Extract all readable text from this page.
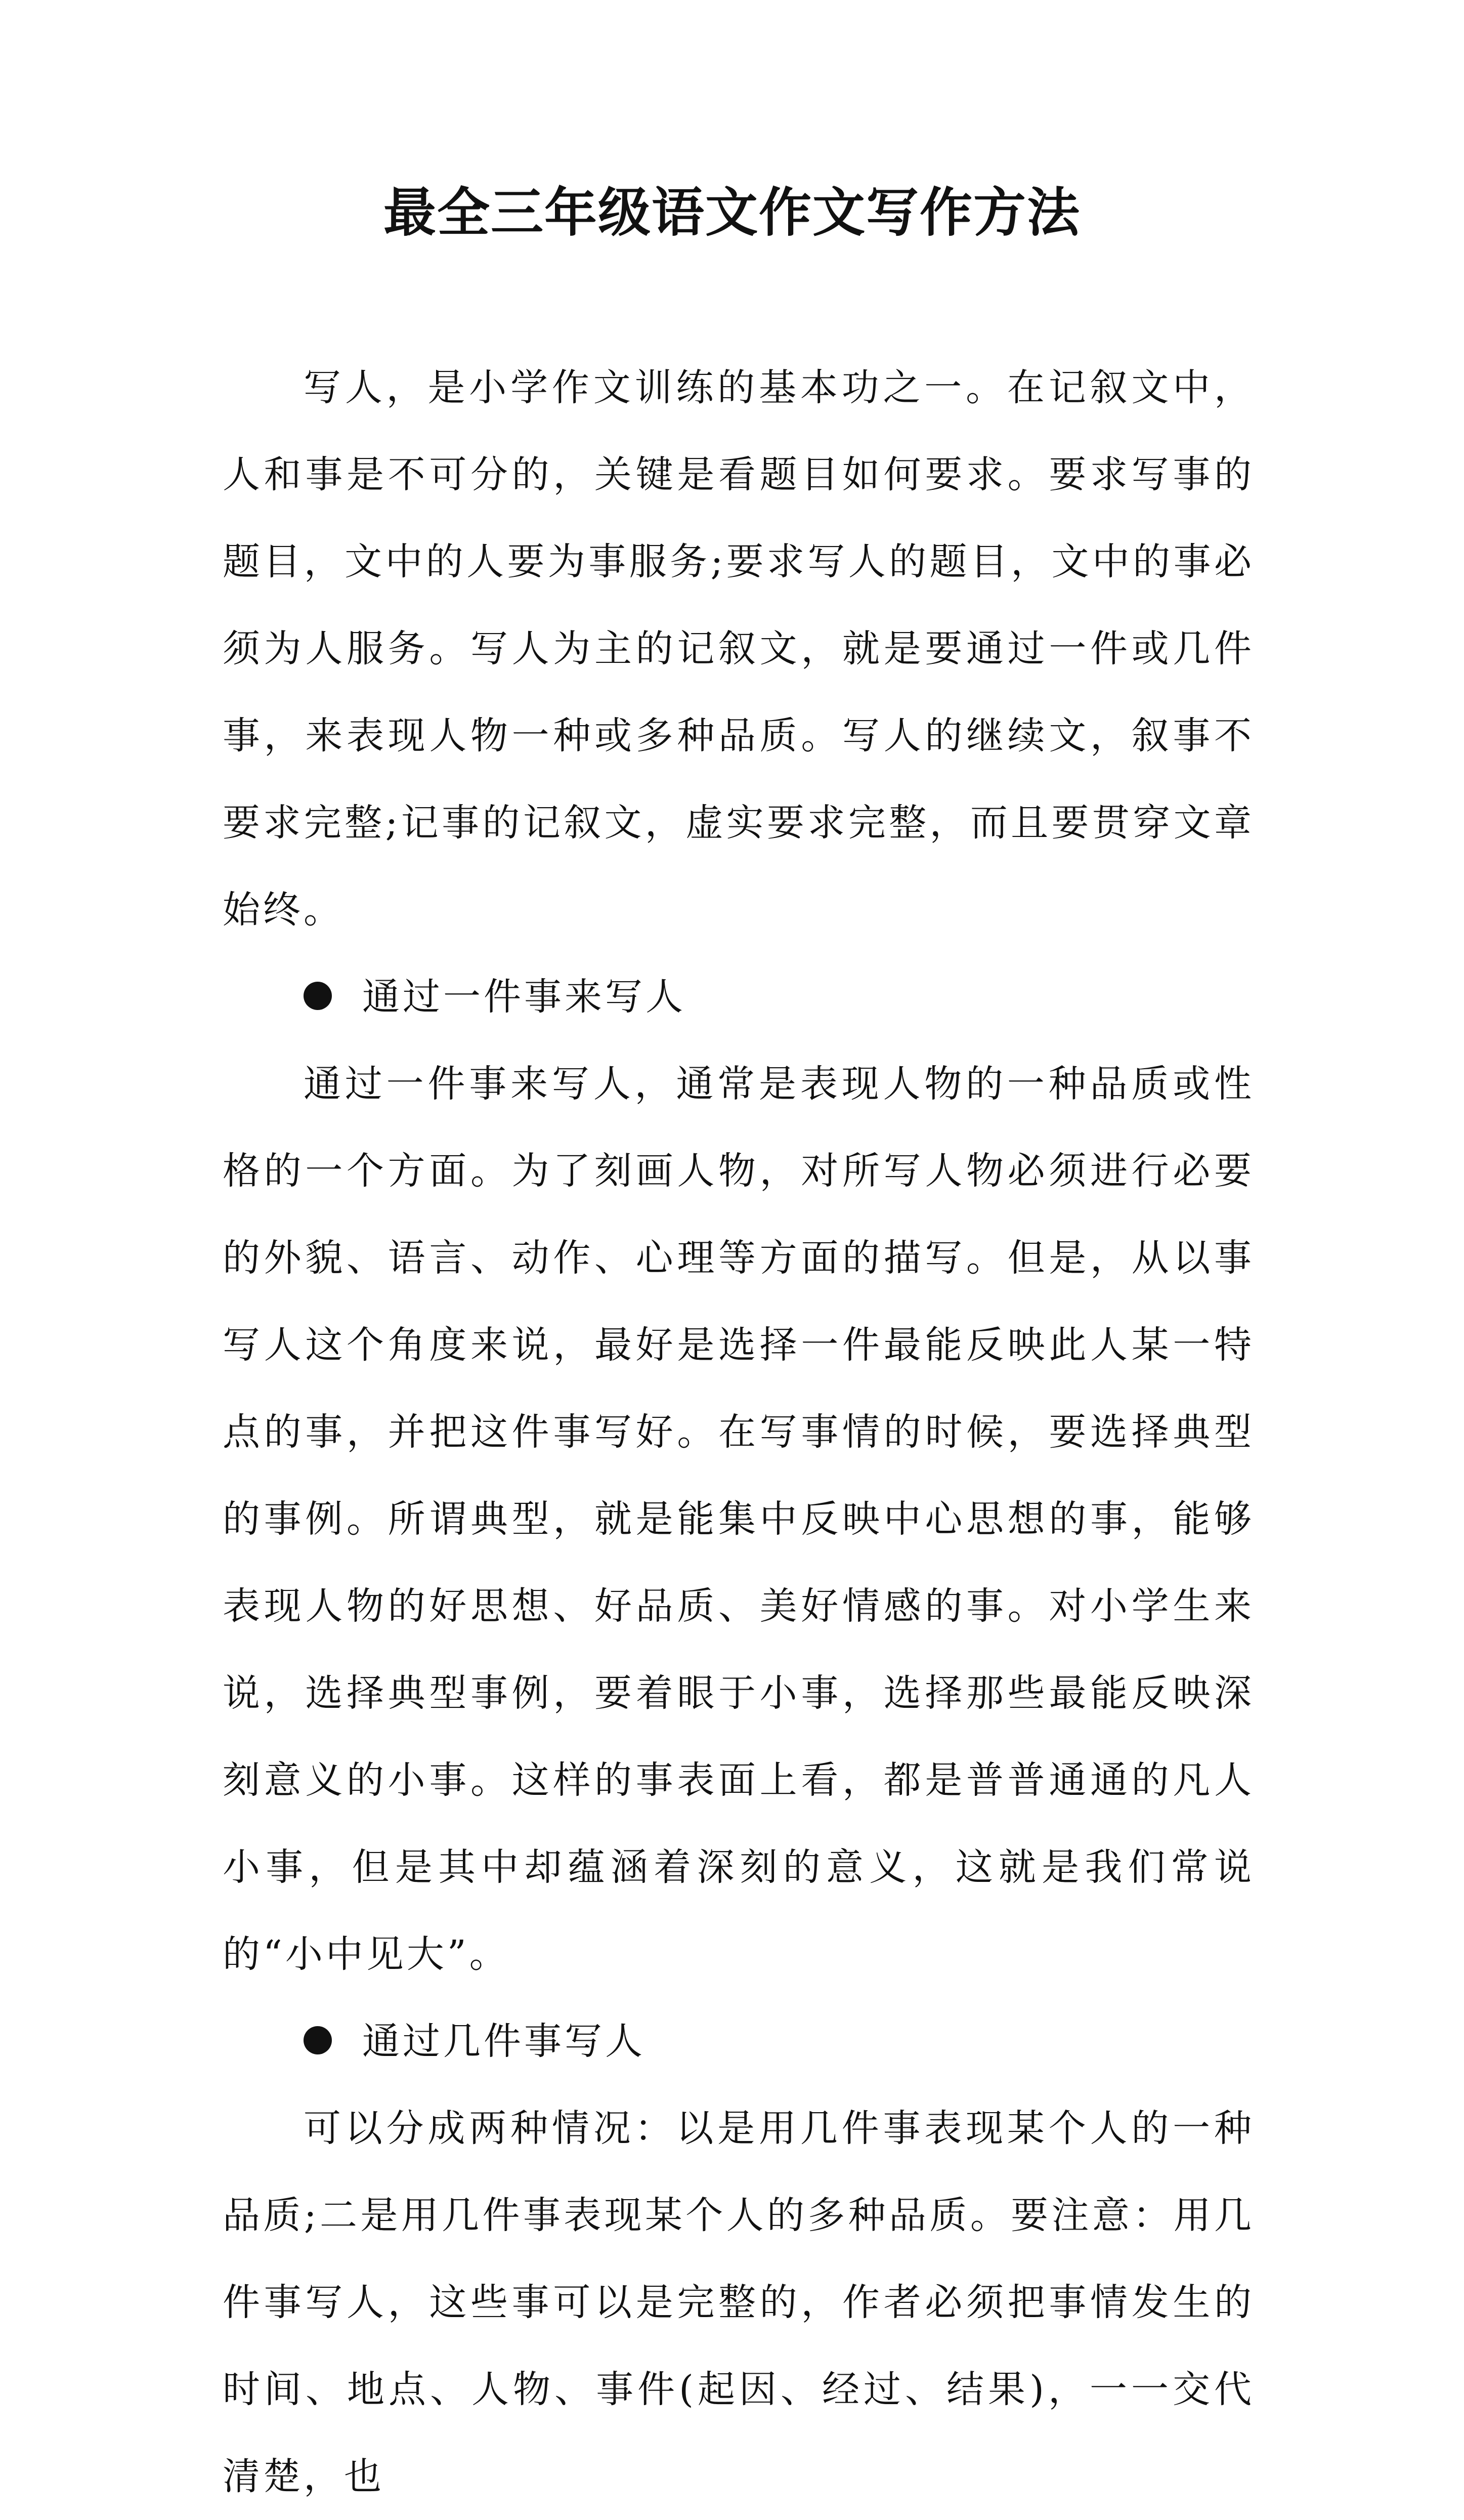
最全三年级语文作文写作方法

写人，是小学作文训练的基本功之一。在记叙文中，人和事是不可分的，关键是看题目如何要求。要求写事的题目，文中的人要为事服务;要求写人的题目，文中的事必须为人服务。写人为主的记叙文，就是要通过一件或几件事，来表现人物一种或多种品质。写人的继续文，叙事不要求完整;记事的记叙文，虚实要求完整，而且要贯穿文章始终。

通过一件事来写人

通过一件事来写人，通常是表现人物的一种品质或性格的一个方面。为了刻画人物，对所写人物必须进行必要的外貌、语言、动作、心理等方面的描写。但是，从以事写人这个角度来说，最好是选择一件最能反映此人某一特点的事，并把这件事写好。在写事情的时候，要选择典型的事例。所谓典型，就是能集中反映中心思想的事，能够表现人物的好思想、好品质、美好情感的事。对小学生来说，选择典型事例，要着眼于小事，选择那些最能反映深刻意义的小事。这样的事表面上看，都是普普通通的凡人小事，但是其中却蕴涵着深刻的意义，这就是我们常说的“小中见大”。

通过几件事写人

可以分成两种情况：以是用几件事表现某个人的一种品质;二是用几件事表现某个人的多种品质。要注意：用几件事写人，这些事可以是完整的，作者必须把事情发生的时间、地点、人物、事件(起因、经过、结果)，一一交代清楚，也
